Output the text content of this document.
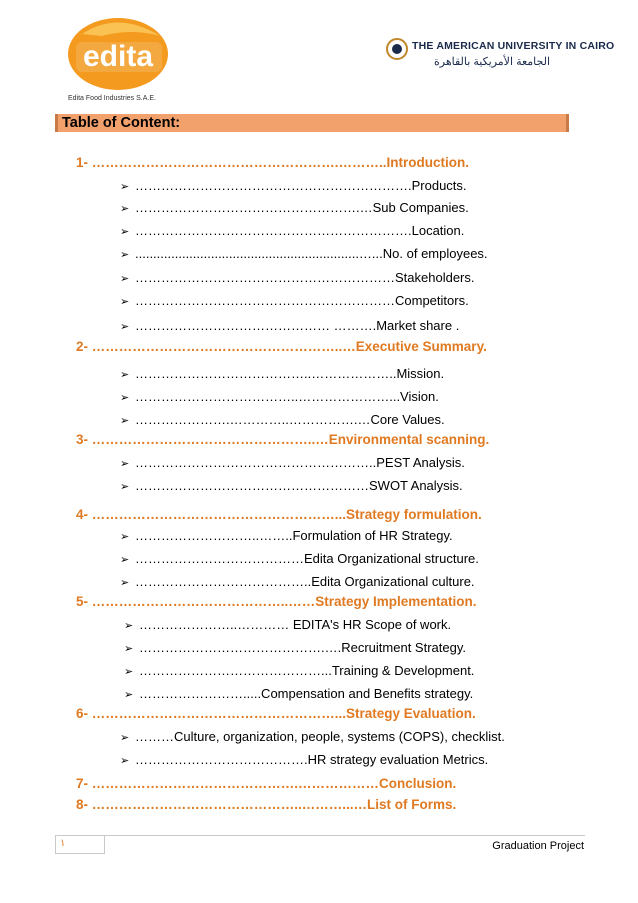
edita
Edita Food Industries S.A.E.
THE AMERICAN UNIVERSITY IN CAIRO
الجامعة الأمريكية بالقاهرة
Table of Content:
1- ……………………………………………….………..Introduction.
➢ ……………………………………………………….Products.
➢ …………………………………………….…Sub Companies.
➢ ……………………………………………………….Location.
➢ ..............................................................…...No. of employees.
➢ ……………………………………………………Stakeholders.
➢ ……………………………………………………Competitors.
➢ ……………………………………… ……….Market share .
2- ………………………………………………..…Executive Summary.
➢ …………………………………..………………..Mission.
➢ ………………………………..…………………...Vision.
➢ ………………….…………..…………….…Core Values.
3- …………………………………………..…Environmental scanning.
➢ ………………………………………………..PEST Analysis.
➢ ………………………………………………SWOT Analysis.
4- ………………………………………………...Strategy formulation.
➢ ………………………..……..Formulation of HR Strategy.
➢ …………………………………Edita Organizational structure.
➢ …………………………………..Edita Organizational culture.
5- ……………………………………..……Strategy Implementation.
➢ …………………..………… EDITA's HR Scope of work.
➢ …………………………………….….Recruitment Strategy.
➢ ……………………………………...Training & Development.
➢ …………………….....Compensation and Benefits strategy.
6- ………………………………………………...Strategy Evaluation.
➢ ………Culture, organization, people, systems (COPS), checklist.
➢ ………………………………….HR strategy evaluation Metrics.
7- ……………………………………….………………Conclusion.
8- ………………………………………..………...…List of Forms.
١	Graduation Project
